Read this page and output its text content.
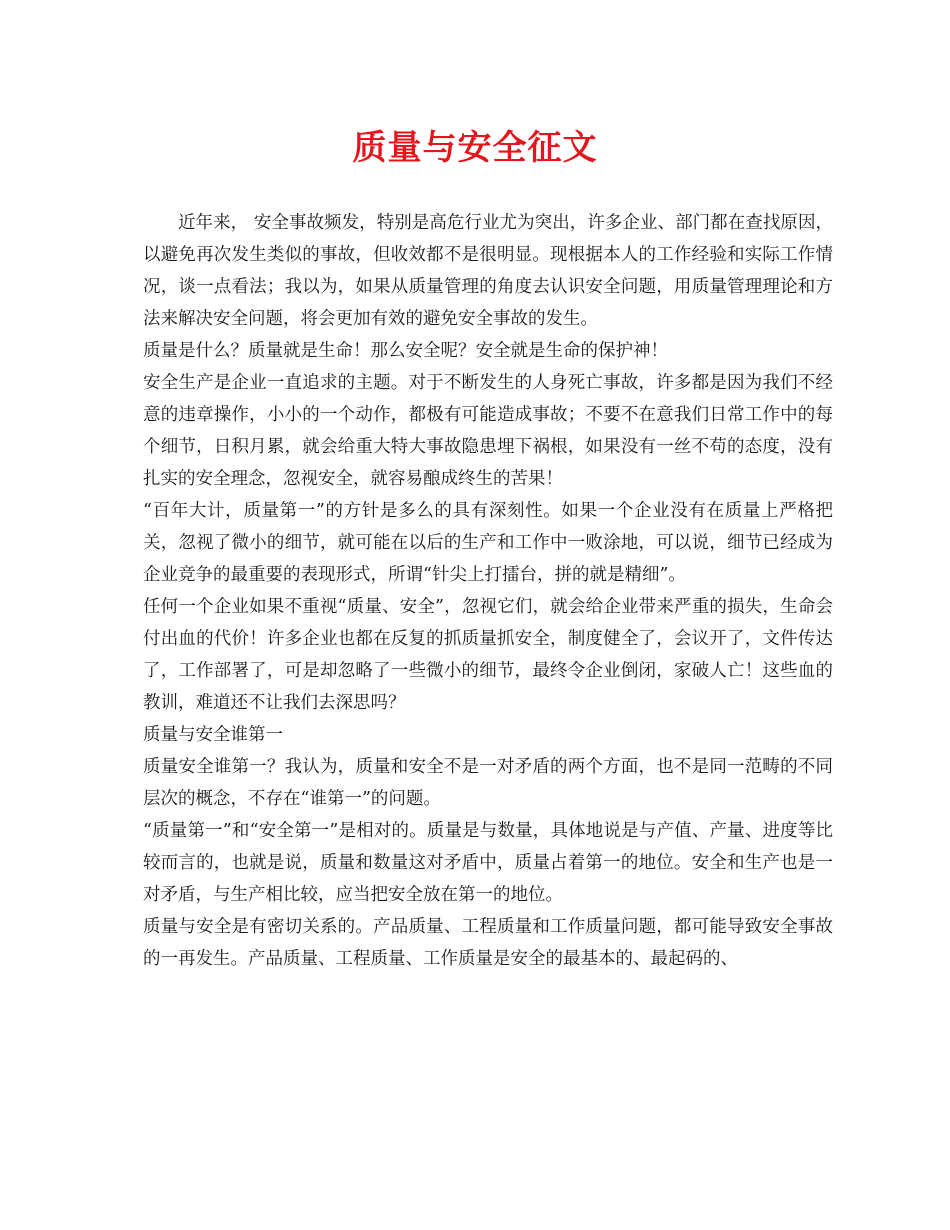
质量与安全征文

近年来， 安全事故频发，特别是高危行业尤为突出，许多企业、部门都在查找原因，以避免再次发生类似的事故，但收效都不是很明显。现根据本人的工作经验和实际工作情况，谈一点看法；我以为，如果从质量管理的角度去认识安全问题，用质量管理理论和方法来解决安全问题，将会更加有效的避免安全事故的发生。

质量是什么？质量就是生命！那么安全呢？安全就是生命的保护神！

安全生产是企业一直追求的主题。对于不断发生的人身死亡事故，许多都是因为我们不经意的违章操作，小小的一个动作，都极有可能造成事故；不要不在意我们日常工作中的每个细节，日积月累，就会给重大特大事故隐患埋下祸根，如果没有一丝不苟的态度，没有扎实的安全理念，忽视安全，就容易酿成终生的苦果！

“百年大计，质量第一”的方针是多么的具有深刻性。如果一个企业没有在质量上严格把关，忽视了微小的细节，就可能在以后的生产和工作中一败涂地，可以说，细节已经成为企业竞争的最重要的表现形式，所谓“针尖上打擂台，拼的就是精细”。

任何一个企业如果不重视“质量、安全”，忽视它们，就会给企业带来严重的损失，生命会付出血的代价！许多企业也都在反复的抓质量抓安全，制度健全了，会议开了，文件传达了，工作部署了，可是却忽略了一些微小的细节，最终令企业倒闭，家破人亡！这些血的教训，难道还不让我们去深思吗？

质量与安全谁第一

质量安全谁第一？我认为，质量和安全不是一对矛盾的两个方面，也不是同一范畴的不同层次的概念，不存在“谁第一”的问题。

“质量第一”和“安全第一”是相对的。质量是与数量，具体地说是与产值、产量、进度等比较而言的，也就是说，质量和数量这对矛盾中，质量占着第一的地位。安全和生产也是一对矛盾，与生产相比较，应当把安全放在第一的地位。

质量与安全是有密切关系的。产品质量、工程质量和工作质量问题，都可能导致安全事故的一再发生。产品质量、工程质量、工作质量是安全的最基本的、最起码的、
